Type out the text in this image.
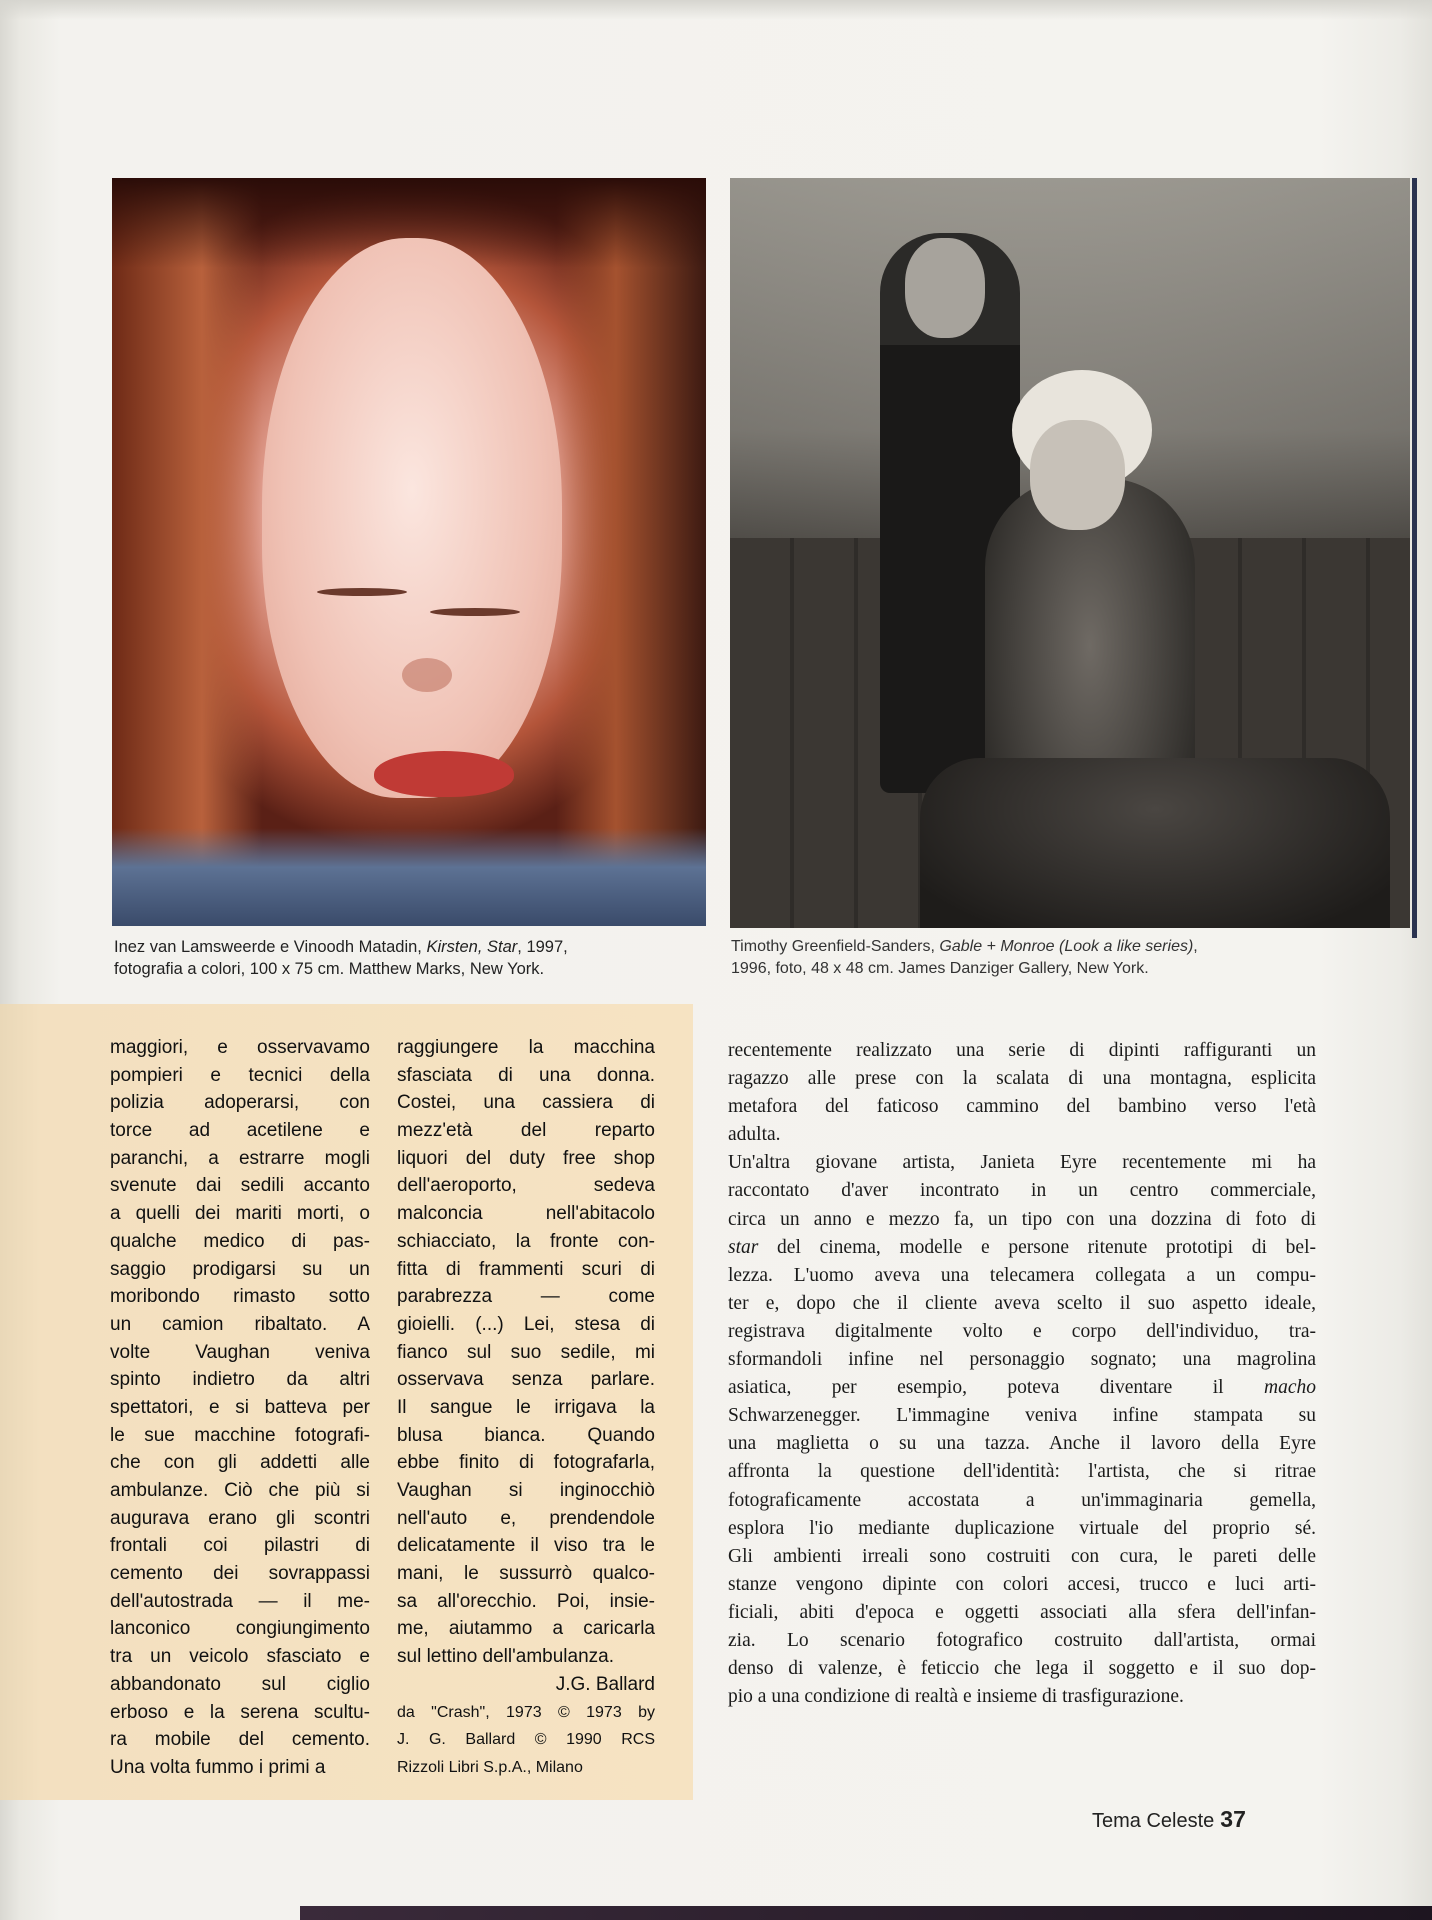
Inez van Lamsweerde e Vinoodh Matadin, Kirsten, Star, 1997,
fotografia a colori, 100 x 75 cm. Matthew Marks, New York.
Timothy Greenfield-Sanders, Gable + Monroe (Look a like series),
1996, foto, 48 x 48 cm. James Danziger Gallery, New York.
maggiori, e osservavamo
pompieri e tecnici della
polizia adoperarsi, con
torce ad acetilene e
paranchi, a estrarre mogli
svenute dai sedili accanto
a quelli dei mariti morti, o
qualche medico di pas-
saggio prodigarsi su un
moribondo rimasto sotto
un camion ribaltato. A
volte Vaughan veniva
spinto indietro da altri
spettatori, e si batteva per
le sue macchine fotografi-
che con gli addetti alle
ambulanze. Ciò che più si
augurava erano gli scontri
frontali coi pilastri di
cemento dei sovrappassi
dell'autostrada — il me-
lanconico congiungimento
tra un veicolo sfasciato e
abbandonato sul ciglio
erboso e la serena scultu-
ra mobile del cemento.
Una volta fummo i primi a
raggiungere la macchina
sfasciata di una donna.
Costei, una cassiera di
mezz'età del reparto
liquori del duty free shop
dell'aeroporto, sedeva
malconcia nell'abitacolo
schiacciato, la fronte con-
fitta di frammenti scuri di
parabrezza — come
gioielli. (...) Lei, stesa di
fianco sul suo sedile, mi
osservava senza parlare.
Il sangue le irrigava la
blusa bianca. Quando
ebbe finito di fotografarla,
Vaughan si inginocchiò
nell'auto e, prendendole
delicatamente il viso tra le
mani, le sussurrò qualco-
sa all'orecchio. Poi, insie-
me, aiutammo a caricarla
sul lettino dell'ambulanza.
J.G. Ballard
da "Crash", 1973 © 1973 by
J. G. Ballard © 1990 RCS
Rizzoli Libri S.p.A., Milano
recentemente realizzato una serie di dipinti raffiguranti un
ragazzo alle prese con la scalata di una montagna, esplicita
metafora del faticoso cammino del bambino verso l'età
adulta.
Un'altra giovane artista, Janieta Eyre recentemente mi ha
raccontato d'aver incontrato in un centro commerciale,
circa un anno e mezzo fa, un tipo con una dozzina di foto di
star del cinema, modelle e persone ritenute prototipi di bel-
lezza. L'uomo aveva una telecamera collegata a un compu-
ter e, dopo che il cliente aveva scelto il suo aspetto ideale,
registrava digitalmente volto e corpo dell'individuo, tra-
sformandoli infine nel personaggio sognato; una magrolina
asiatica, per esempio, poteva diventare il macho
Schwarzenegger. L'immagine veniva infine stampata su
una maglietta o su una tazza. Anche il lavoro della Eyre
affronta la questione dell'identità: l'artista, che si ritrae
fotograficamente accostata a un'immaginaria gemella,
esplora l'io mediante duplicazione virtuale del proprio sé.
Gli ambienti irreali sono costruiti con cura, le pareti delle
stanze vengono dipinte con colori accesi, trucco e luci arti-
ficiali, abiti d'epoca e oggetti associati alla sfera dell'infan-
zia. Lo scenario fotografico costruito dall'artista, ormai
denso di valenze, è feticcio che lega il soggetto e il suo dop-
pio a una condizione di realtà e insieme di trasfigurazione.
Tema Celeste 37
